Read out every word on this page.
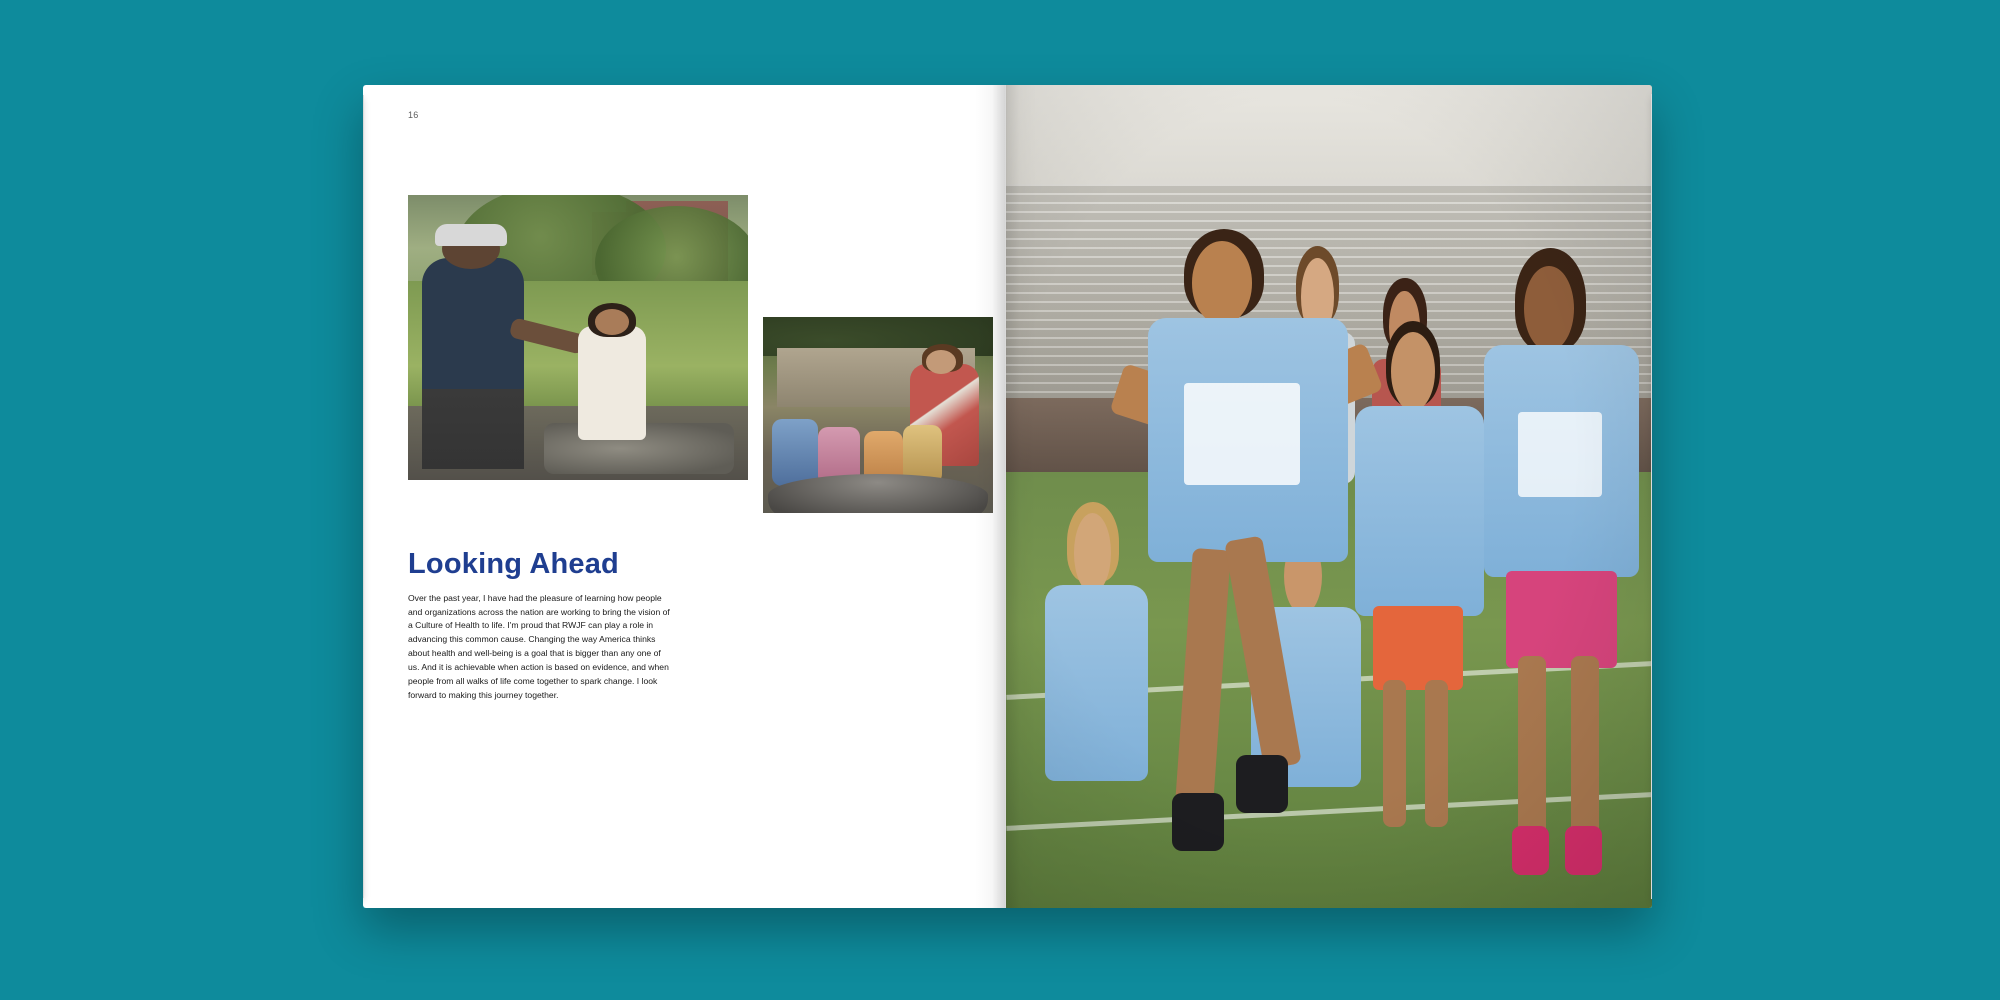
16
Looking Ahead

Over the past year, I have had the pleasure of learning how people and organizations across the nation are working to bring the vision of a Culture of Health to life. I'm proud that RWJF can play a role in advancing this common cause. Changing the way America thinks about health and well-being is a goal that is bigger than any one of us. And it is achievable when action is based on evidence, and when people from all walks of life come together to spark change. I look forward to making this journey together.
